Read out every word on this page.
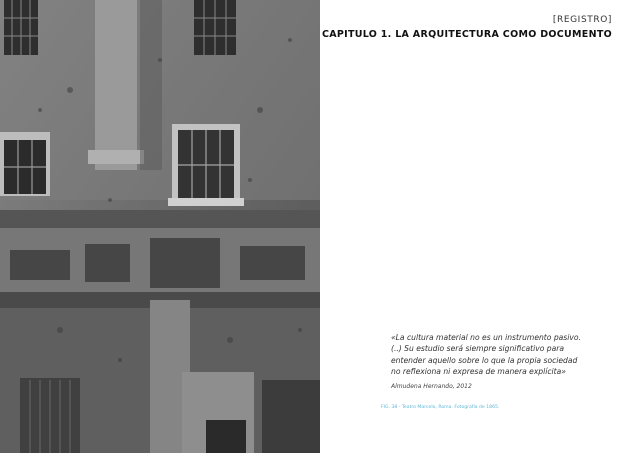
[REGISTRO]
CAPITULO 1. LA ARQUITECTURA COMO DOCUMENTO
«La cultura material no es un instrumento pasivo.
(..) Su estudio será siempre significativo para
entender aquello sobre lo que la propia sociedad
no reflexiona ni expresa de manera explícita»
Almudena Hernando, 2012
FIG. 38 - Teatro Marcelo, Roma. Fotografía de 1865.
